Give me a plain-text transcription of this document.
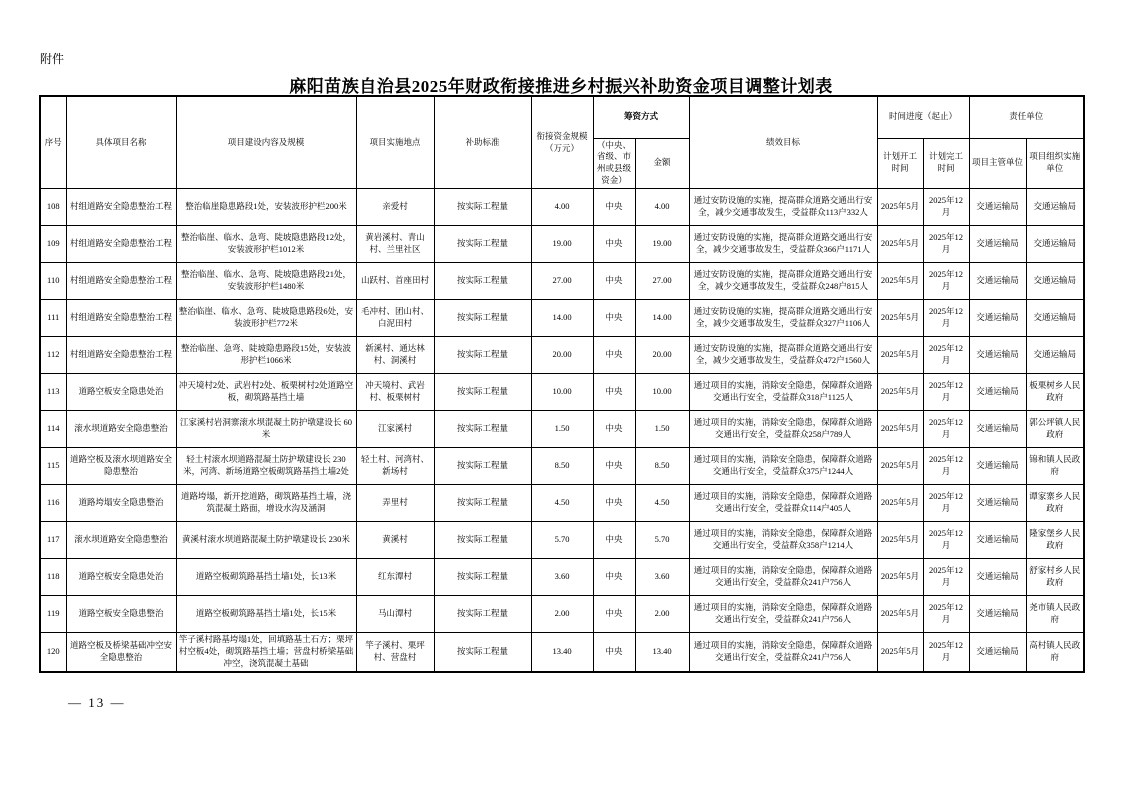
附件
麻阳苗族自治县2025年财政衔接推进乡村振兴补助资金项目调整计划表
序号	具体项目名称	项目建设内容及规模	项目实施地点	补助标准	衔接资金规模（万元）	筹资方式		绩效目标	时间进度（起止）		责任单位	
						（中央、省级、市州或县级资金）	金额		计划开工时间	计划完工时间	项目主管单位	项目组织实施单位
108	村组道路安全隐患整治工程	整治临崖隐患路段1处，安装波形护栏200米	亲爱村	按实际工程量	4.00	中央	4.00	通过安防设施的实施，提高群众道路交通出行安全，减少交通事故发生，受益群众113户332人	2025年5月	2025年12月	交通运输局	交通运输局
109	村组道路安全隐患整治工程	整治临崖、临水、急弯、陡坡隐患路段12处，安装波形护栏1012米	黄岩溪村、青山村、兰里社区	按实际工程量	19.00	中央	19.00	通过安防设施的实施，提高群众道路交通出行安全，减少交通事故发生，受益群众366户1171人	2025年5月	2025年12月	交通运输局	交通运输局
110	村组道路安全隐患整治工程	整治临崖、临水、急弯、陡坡隐患路段21处，安装波形护栏1480米	山跃村、首座田村	按实际工程量	27.00	中央	27.00	通过安防设施的实施，提高群众道路交通出行安全，减少交通事故发生，受益群众248户815人	2025年5月	2025年12月	交通运输局	交通运输局
111	村组道路安全隐患整治工程	整治临崖、临水、急弯、陡坡隐患路段6处，安装波形护栏772米	毛冲村、团山村、白泥田村	按实际工程量	14.00	中央	14.00	通过安防设施的实施，提高群众道路交通出行安全，减少交通事故发生，受益群众327户1106人	2025年5月	2025年12月	交通运输局	交通运输局
112	村组道路安全隐患整治工程	整治临崖、急弯、陡坡隐患路段15处，安装波形护栏1066米	新溪村、通达林村、洞溪村	按实际工程量	20.00	中央	20.00	通过安防设施的实施，提高群众道路交通出行安全，减少交通事故发生，受益群众472户1560人	2025年5月	2025年12月	交通运输局	交通运输局
113	道路空板安全隐患处治	冲天境村2处、武岩村2处、板栗树村2处道路空板，砌筑路基挡土墙	冲天境村、武岩村、板栗树村	按实际工程量	10.00	中央	10.00	通过项目的实施，消除安全隐患，保障群众道路交通出行安全，受益群众318户1125人	2025年5月	2025年12月	交通运输局	板栗树乡人民政府
114	滚水坝道路安全隐患整治	江家溪村岩洞寨滚水坝混凝土防护墩建设长 60米	江家溪村	按实际工程量	1.50	中央	1.50	通过项目的实施，消除安全隐患，保障群众道路交通出行安全，受益群众258户789人	2025年5月	2025年12月	交通运输局	郭公坪镇人民政府
115	道路空板及滚水坝道路安全隐患整治	轻土村滚水坝道路混凝土防护墩建设长 230米，河湾、新场道路空板砌筑路基挡土墙2处	轻土村、河湾村、新场村	按实际工程量	8.50	中央	8.50	通过项目的实施，消除安全隐患，保障群众道路交通出行安全，受益群众375户1244人	2025年5月	2025年12月	交通运输局	锦和镇人民政府
116	道路垮塌安全隐患整治	道路垮塌，新开挖道路，砌筑路基挡土墙，浇筑混凝土路面，增设水沟及涵洞	弄里村	按实际工程量	4.50	中央	4.50	通过项目的实施，消除安全隐患，保障群众道路交通出行安全，受益群众114户405人	2025年5月	2025年12月	交通运输局	谭家寨乡人民政府
117	滚水坝道路安全隐患整治	黄溪村滚水坝道路混凝土防护墩建设长 230米	黄溪村	按实际工程量	5.70	中央	5.70	通过项目的实施，消除安全隐患，保障群众道路交通出行安全，受益群众358户1214人	2025年5月	2025年12月	交通运输局	隆家堡乡人民政府
118	道路空板安全隐患处治	道路空板砌筑路基挡土墙1处，长13米	红东潭村	按实际工程量	3.60	中央	3.60	通过项目的实施，消除安全隐患，保障群众道路交通出行安全，受益群众241户756人	2025年5月	2025年12月	交通运输局	舒家村乡人民政府
119	道路空板安全隐患整治	道路空板砌筑路基挡土墙1处，长15米	马山潭村	按实际工程量	2.00	中央	2.00	通过项目的实施，消除安全隐患，保障群众道路交通出行安全，受益群众241户756人	2025年5月	2025年12月	交通运输局	尧市镇人民政府
120	道路空板及桥梁基础冲空安全隐患整治	竿子溪村路基垮塌1处，回填路基土石方；栗坪村空板4处，砌筑路基挡土墙；营盘村桥梁基础冲空，浇筑混凝土基础	竿子溪村、栗坪村、营盘村	按实际工程量	13.40	中央	13.40	通过项目的实施，消除安全隐患，保障群众道路交通出行安全，受益群众241户756人	2025年5月	2025年12月	交通运输局	高村镇人民政府
— 13 —
